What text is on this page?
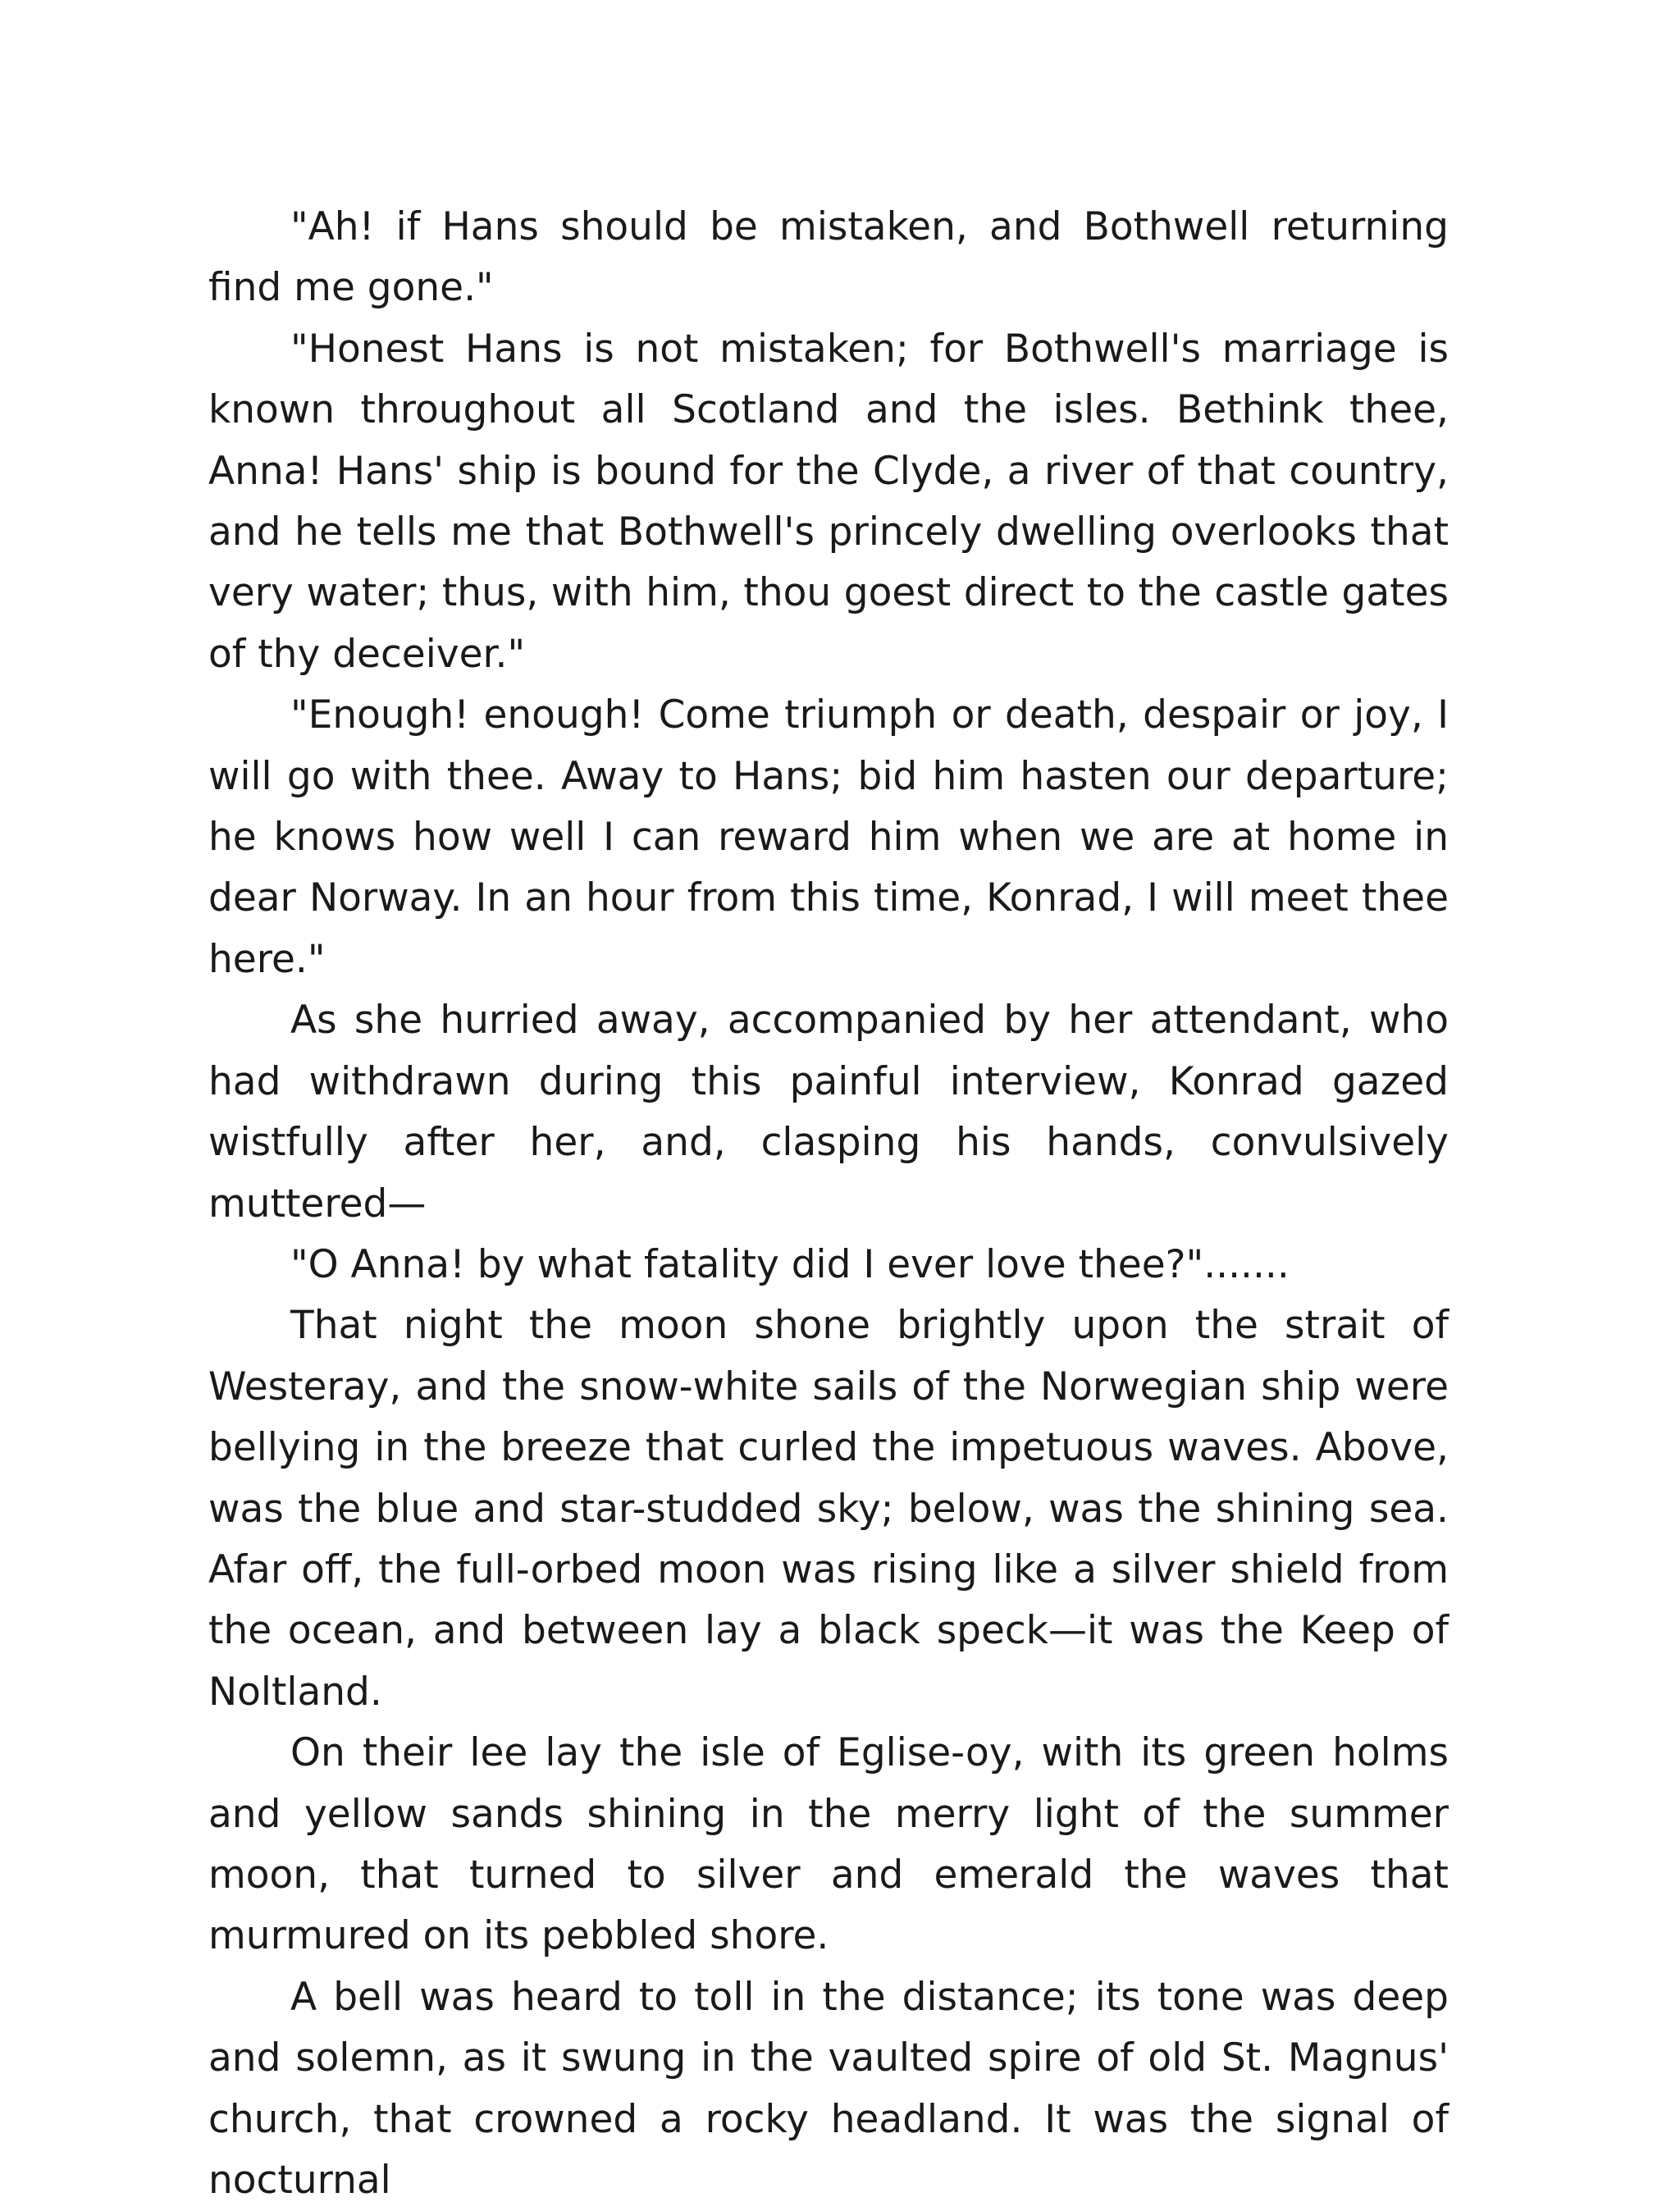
"Ah! if Hans should be mistaken, and Bothwell returning find me gone."

"Honest Hans is not mistaken; for Bothwell's marriage is known throughout all Scotland and the isles. Bethink thee, Anna! Hans' ship is bound for the Clyde, a river of that country, and he tells me that Bothwell's princely dwelling overlooks that very water; thus, with him, thou goest direct to the castle gates of thy deceiver."

"Enough! enough! Come triumph or death, despair or joy, I will go with thee. Away to Hans; bid him hasten our departure; he knows how well I can reward him when we are at home in dear Norway. In an hour from this time, Konrad, I will meet thee here."

As she hurried away, accompanied by her attendant, who had withdrawn during this painful interview, Konrad gazed wistfully after her, and, clasping his hands, convulsively muttered—

"O Anna! by what fatality did I ever love thee?".......

That night the moon shone brightly upon the strait of Westeray, and the snow-white sails of the Norwegian ship were bellying in the breeze that curled the impetuous waves. Above, was the blue and star-studded sky; below, was the shining sea. Afar off, the full-orbed moon was rising like a silver shield from the ocean, and between lay a black speck—it was the Keep of Noltland.

On their lee lay the isle of Eglise-oy, with its green holms and yellow sands shining in the merry light of the summer moon, that turned to silver and emerald the waves that murmured on its pebbled shore.

A bell was heard to toll in the distance; its tone was deep and solemn, as it swung in the vaulted spire of old St. Magnus' church, that crowned a rocky headland. It was the signal of nocturnal
